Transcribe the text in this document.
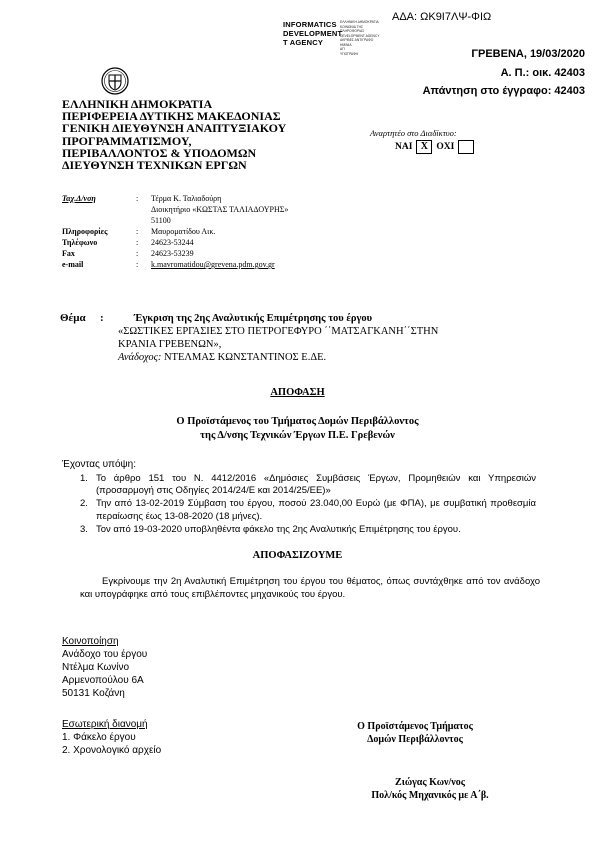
ΑΔΑ: ΩΚ9Ι7ΛΨ-ΦΙΩ
INFORMATICS
DEVELOPMENT
T AGENCY
ΕΛΛΗΝΙΚΗ ΔΗΜΟΚΡΑΤΙΑ
ΚΟΙΝΩΝΙΑ ΤΗΣ
ΠΛΗΡΟΦΟΡΙΑΣ
DEVELOPMENT AGENCY
ΑΚΡΙΒΕΣ ΑΝΤΙΓΡΑΦΟ
ΗΜ/ΝΙΑ
ΑΠ
ΥΠΟΓΡΑΦΗ	ΓΡΕΒΕΝΑ, 19/03/2020
Α. Π.: οικ. 42403
Απάντηση στο έγγραφο: 42403
ΕΛΛΗΝΙΚΗ ΔΗΜΟΚΡΑΤΙΑ
ΠΕΡΙΦΕΡΕΙΑ ΔΥΤΙΚΗΣ ΜΑΚΕΔΟΝΙΑΣ
ΓΕΝΙΚΗ ΔΙΕΥΘΥΝΣΗ ΑΝΑΠΤΥΞΙΑΚΟΥ
ΠΡΟΓΡΑΜΜΑΤΙΣΜΟΥ,
ΠΕΡΙΒΑΛΛΟΝΤΟΣ & ΥΠΟΔΟΜΩΝ
ΔΙΕΥΘΥΝΣΗ ΤΕΧΝΙΚΩΝ ΕΡΓΩΝ
Αναρτητέο στο Διαδίκτυο:
ΝΑΙ X ΟΧΙ
Ταχ.Δ/νση	:	Τέρμα Κ. Ταλιαδούρη
Διοικητήριο «ΚΩΣΤΑΣ ΤΑΛΙΑΔΟΥΡΗΣ»
51100
Πληροφορίες	:	Μαυροματίδου Αικ.
Τηλέφωνο	:	24623-53244
Fax	:	24623-53239
e-mail	:	k.mavromatidou@grevena.pdm.gov.gr
Θέμα :	Έγκριση της 2ης Αναλυτικής Επιμέτρησης του έργου
«ΣΩΣΤΙΚΕΣ ΕΡΓΑΣΙΕΣ ΣΤΟ ΠΕΤΡΟΓΕΦΥΡΟ ΄΄ΜΑΤΣΑΓΚΑΝΗ΄΄ΣΤΗΝ
ΚΡΑΝΙΑ ΓΡΕΒΕΝΩΝ»,
Ανάδοχος: ΝΤΕΛΜΑΣ ΚΩΝΣΤΑΝΤΙΝΟΣ Ε.ΔΕ.
ΑΠΟΦΑΣΗ
Ο Προϊστάμενος του Τμήματος Δομών Περιβάλλοντος
της Δ/νσης Τεχνικών Έργων Π.Ε. Γρεβενών
Έχοντας υπόψη:
1. Το άρθρο 151 του Ν. 4412/2016 «Δημόσιες Συμβάσεις Έργων, Προμηθειών και Υπηρεσιών (προσαρμογή στις Οδηγίες 2014/24/Ε και 2014/25/ΕΕ)»
2. Την από 13-02-2019 Σύμβαση του έργου, ποσού 23.040,00 Ευρώ (με ΦΠΑ), με συμβατική προθεσμία περαίωσης έως 13-08-2020 (18 μήνες).
3. Τον από 19-03-2020 υποβληθέντα φάκελο της 2ης Αναλυτικής Επιμέτρησης του έργου.
ΑΠΟΦΑΣΙΖΟΥΜΕ
Εγκρίνουμε την 2η Αναλυτική Επιμέτρηση του έργου του θέματος, όπως συντάχθηκε από τον ανάδοχο και υπογράφηκε από τους επιβλέποντες μηχανικούς του έργου.
Κοινοποίηση
Ανάδοχο του έργου
Ντέλμα Κωνίνο
Αρμενοπούλου 6Α
50131 Κοζάνη
Εσωτερική διανομή
1. Φάκελο έργου
2. Χρονολογικό αρχείο
Ο Προϊστάμενος Τμήματος
Δομών Περιβάλλοντος
Ζιώγας Κων/νος
Πολ/κός Μηχανικός με Α΄β.
